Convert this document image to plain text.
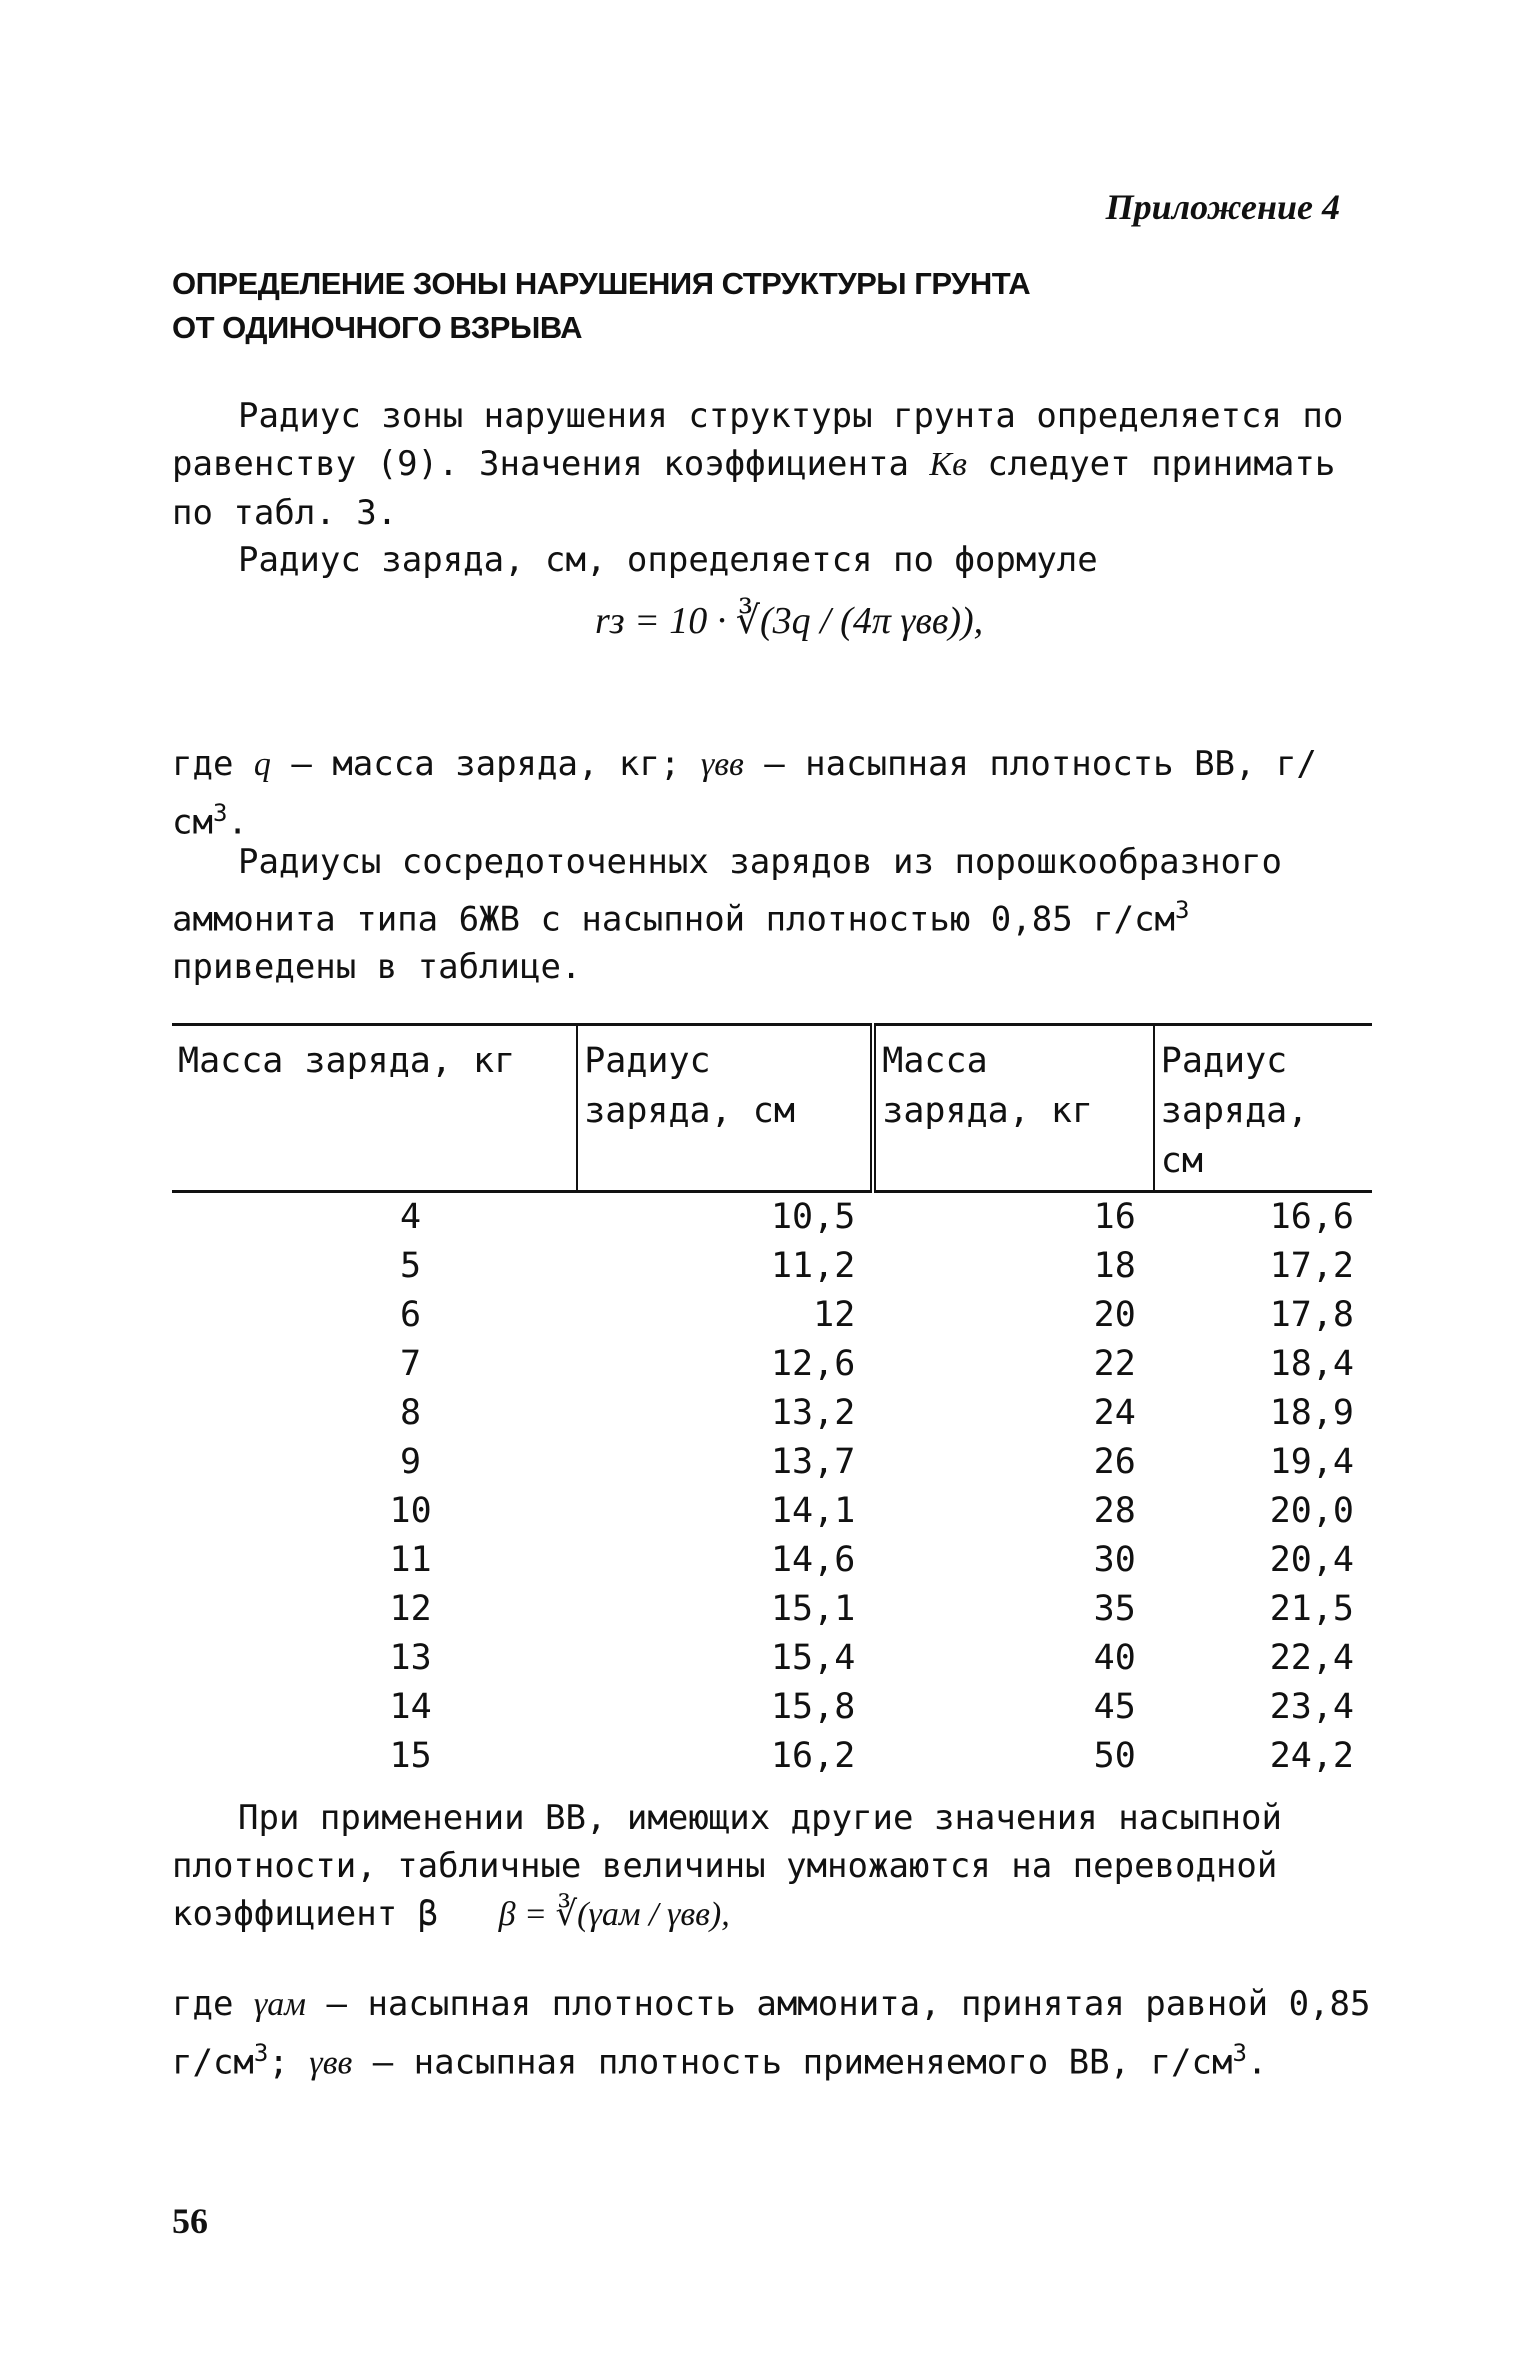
Приложение 4
ОПРЕДЕЛЕНИЕ ЗОНЫ НАРУШЕНИЯ СТРУКТУРЫ ГРУНТА
ОТ ОДИНОЧНОГО ВЗРЫВА
Радиус зоны нарушения структуры грунта определяется по равенству (9). Значения коэффициента Kв следует принимать по табл. 3.
Радиус заряда, см, определяется по формуле
rз = 10 · ∛(3q / (4π γвв)),
где q – масса заряда, кг; γвв – насыпная плотность ВВ, $г/см^3$.
Радиусы сосредоточенных зарядов из порошкообразного аммонита типа 6ЖВ с насыпной плотностью 0,85 $г/см^3$ приведены в таблице.
Масса заряда, кг	Радиус заряда, см	Масса заряда, кг	Радиус заряда, см
4	10,5	16	16,6
5	11,2	18	17,2
6	12	20	17,8
7	12,6	22	18,4
8	13,2	24	18,9
9	13,7	26	19,4
10	14,1	28	20,0
11	14,6	30	20,4
12	15,1	35	21,5
13	15,4	40	22,4
14	15,8	45	23,4
15	16,2	50	24,2
При применении ВВ, имеющих другие значения насыпной плотности, табличные величины умножаются на переводной коэффициент β β = ∛(γам / γвв),
где γам – насыпная плотность аммонита, принятая равной 0,85 $г/см^3$; γвв – насыпная плотность применяемого ВВ, $г/см^3$.
56
